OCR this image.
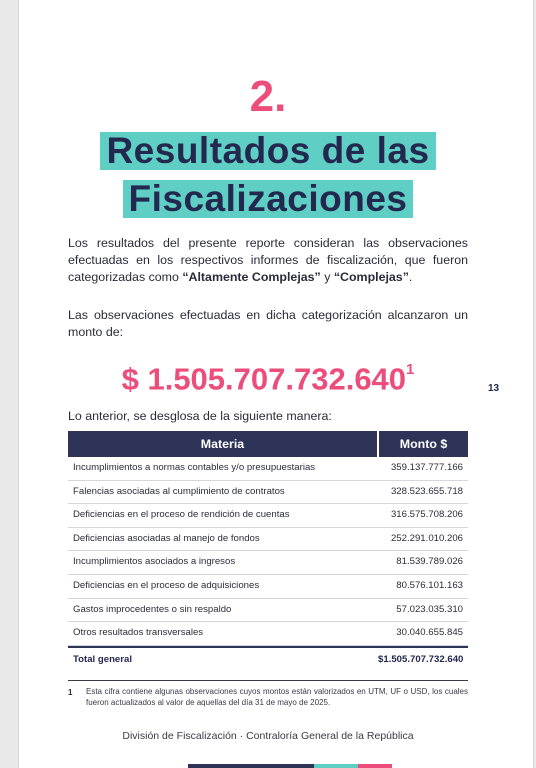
2.
Resultados de las
Fiscalizaciones
Los resultados del presente reporte consideran las observaciones efectuadas en los respectivos informes de fiscalización, que fueron categorizadas como “Altamente Complejas” y “Complejas”.
Las observaciones efectuadas en dicha categorización alcanzaron un monto de:
$ 1.505.707.732.640$^1$
13
Lo anterior, se desglosa de la siguiente manera:
Materia	Monto $
Incumplimientos a normas contables y/o presupuestarias	359.137.777.166
Falencias asociadas al cumplimiento de contratos	328.523.655.718
Deficiencias en el proceso de rendición de cuentas	316.575.708.206
Deficiencias asociadas al manejo de fondos	252.291.010.206
Incumplimientos asociados a ingresos	81.539.789.026
Deficiencias en el proceso de adquisiciones	80.576.101.163
Gastos improcedentes o sin respaldo	57.023.035.310
Otros resultados transversales	30.040.655.845
Total general	$1.505.707.732.640
1 Esta cifra contiene algunas observaciones cuyos montos están valorizados en UTM, UF o USD, los cuales fueron actualizados al valor de aquellas del día 31 de mayo de 2025.
División de Fiscalización · Contraloría General de la República
